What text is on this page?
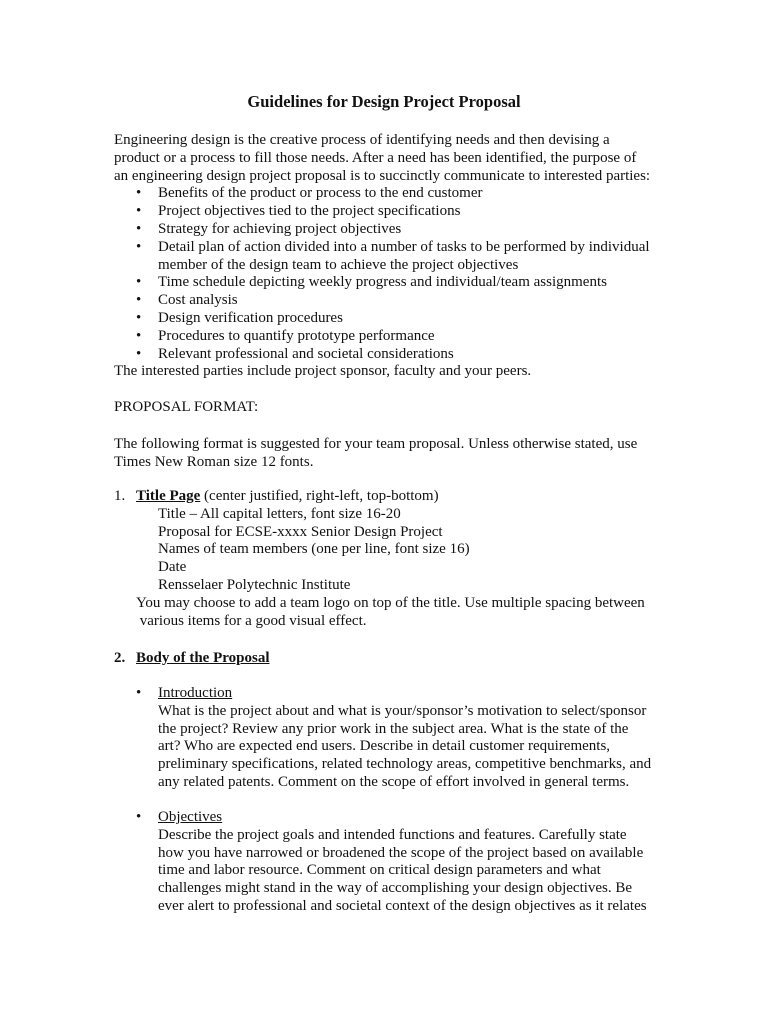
Guidelines for Design Project Proposal
Engineering design is the creative process of identifying needs and then devising a
product or a process to fill those needs. After a need has been identified, the purpose of
an engineering design project proposal is to succinctly communicate to interested parties:
• Benefits of the product or process to the end customer
• Project objectives tied to the project specifications
• Strategy for achieving project objectives
• Detail plan of action divided into a number of tasks to be performed by individual
member of the design team to achieve the project objectives
• Time schedule depicting weekly progress and individual/team assignments
• Cost analysis
• Design verification procedures
• Procedures to quantify prototype performance
• Relevant professional and societal considerations
The interested parties include project sponsor, faculty and your peers.
PROPOSAL FORMAT:
The following format is suggested for your team proposal. Unless otherwise stated, use
Times New Roman size 12 fonts.
1. Title Page (center justified, right-left, top-bottom)
Title – All capital letters, font size 16-20
Proposal for ECSE-xxxx Senior Design Project
Names of team members (one per line, font size 16)
Date
Rensselaer Polytechnic Institute
You may choose to add a team logo on top of the title. Use multiple spacing between
various items for a good visual effect.
2. Body of the Proposal
• Introduction
What is the project about and what is your/sponsor’s motivation to select/sponsor
the project? Review any prior work in the subject area. What is the state of the
art? Who are expected end users. Describe in detail customer requirements,
preliminary specifications, related technology areas, competitive benchmarks, and
any related patents. Comment on the scope of effort involved in general terms.
• Objectives
Describe the project goals and intended functions and features. Carefully state
how you have narrowed or broadened the scope of the project based on available
time and labor resource. Comment on critical design parameters and what
challenges might stand in the way of accomplishing your design objectives. Be
ever alert to professional and societal context of the design objectives as it relates
